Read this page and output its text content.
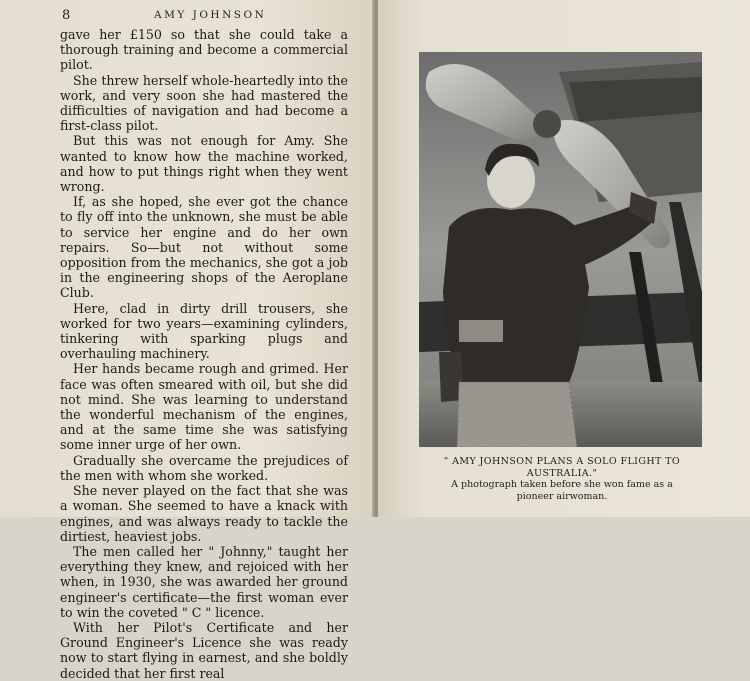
8	AMY JOHNSON

gave her £150 so that she could take a thorough training and become a commercial pilot.

She threw herself whole-heartedly into the work, and very soon she had mastered the difficulties of navigation and had become a first-class pilot.

But this was not enough for Amy. She wanted to know how the machine worked, and how to put things right when they went wrong.

If, as she hoped, she ever got the chance to fly off into the unknown, she must be able to service her engine and do her own repairs. So—but not without some opposition from the mechanics, she got a job in the engineering shops of the Aeroplane Club.

Here, clad in dirty drill trousers, she worked for two years—examining cylinders, tinkering with sparking plugs and overhauling machinery.

Her hands became rough and grimed. Her face was often smeared with oil, but she did not mind. She was learning to understand the wonderful mechanism of the engines, and at the same time she was satisfying some inner urge of her own.

Gradually she overcame the prejudices of the men with whom she worked.

She never played on the fact that she was a woman. She seemed to have a knack with engines, and was always ready to tackle the dirtiest, heaviest jobs.

The men called her " Johnny," taught her everything they knew, and rejoiced with her when, in 1930, she was awarded her ground engineer's certificate—the first woman ever to win the coveted " C " licence.

With her Pilot's Certificate and her Ground Engineer's Licence she was ready now to start flying in earnest, and she boldly decided that her first real

" AMY JOHNSON PLANS A SOLO FLIGHT TO AUSTRALIA."
A photograph taken before she won fame as a
pioneer airwoman.
